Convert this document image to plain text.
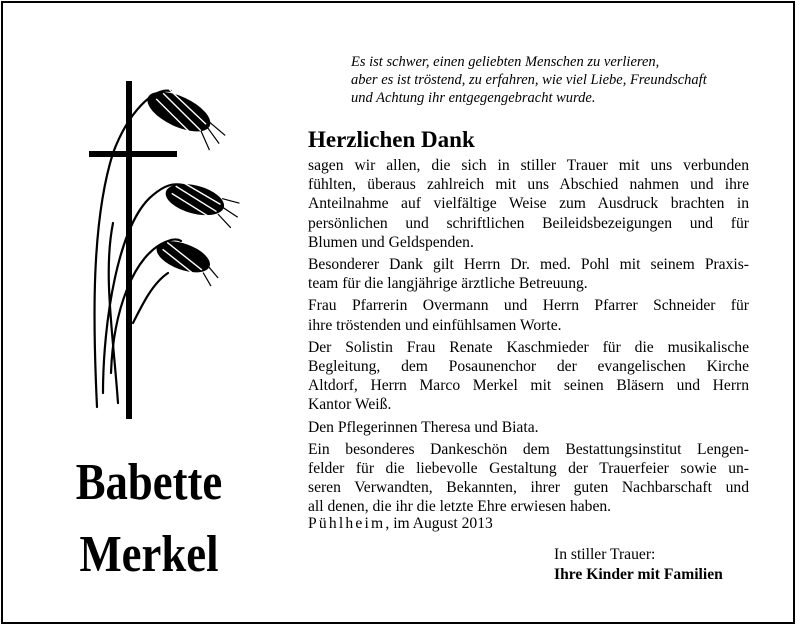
Es ist schwer, einen geliebten Menschen zu verlieren,
aber es ist tröstend, zu erfahren, wie viel Liebe, Freundschaft
und Achtung ihr entgegengebracht wurde.
Babette
Merkel
Herzlichen Dank

sagen wir allen, die sich in stiller Trauer mit uns verbunden
fühlten, überaus zahlreich mit uns Abschied nahmen und ihre
Anteilnahme auf vielfältige Weise zum Ausdruck brachten in
persönlichen und schriftlichen Beileidsbezeigungen und für
Blumen und Geldspenden.

Besonderer Dank gilt Herrn Dr. med. Pohl mit seinem Praxis-
team für die langjährige ärztliche Betreuung.

Frau Pfarrerin Overmann und Herrn Pfarrer Schneider für
ihre tröstenden und einfühlsamen Worte.

Der Solistin Frau Renate Kaschmieder für die musikalische
Begleitung, dem Posaunenchor der evangelischen Kirche
Altdorf, Herrn Marco Merkel mit seinen Bläsern und Herrn
Kantor Weiß.

Den Pflegerinnen Theresa und Biata.

Ein besonderes Dankeschön dem Bestattungsinstitut Lengen-
felder für die liebevolle Gestaltung der Trauerfeier sowie un-
seren Verwandten, Bekannten, ihrer guten Nachbarschaft und
all denen, die ihr die letzte Ehre erwiesen haben.

Pühlheim, im August 2013
In stiller Trauer:
Ihre Kinder mit Familien
